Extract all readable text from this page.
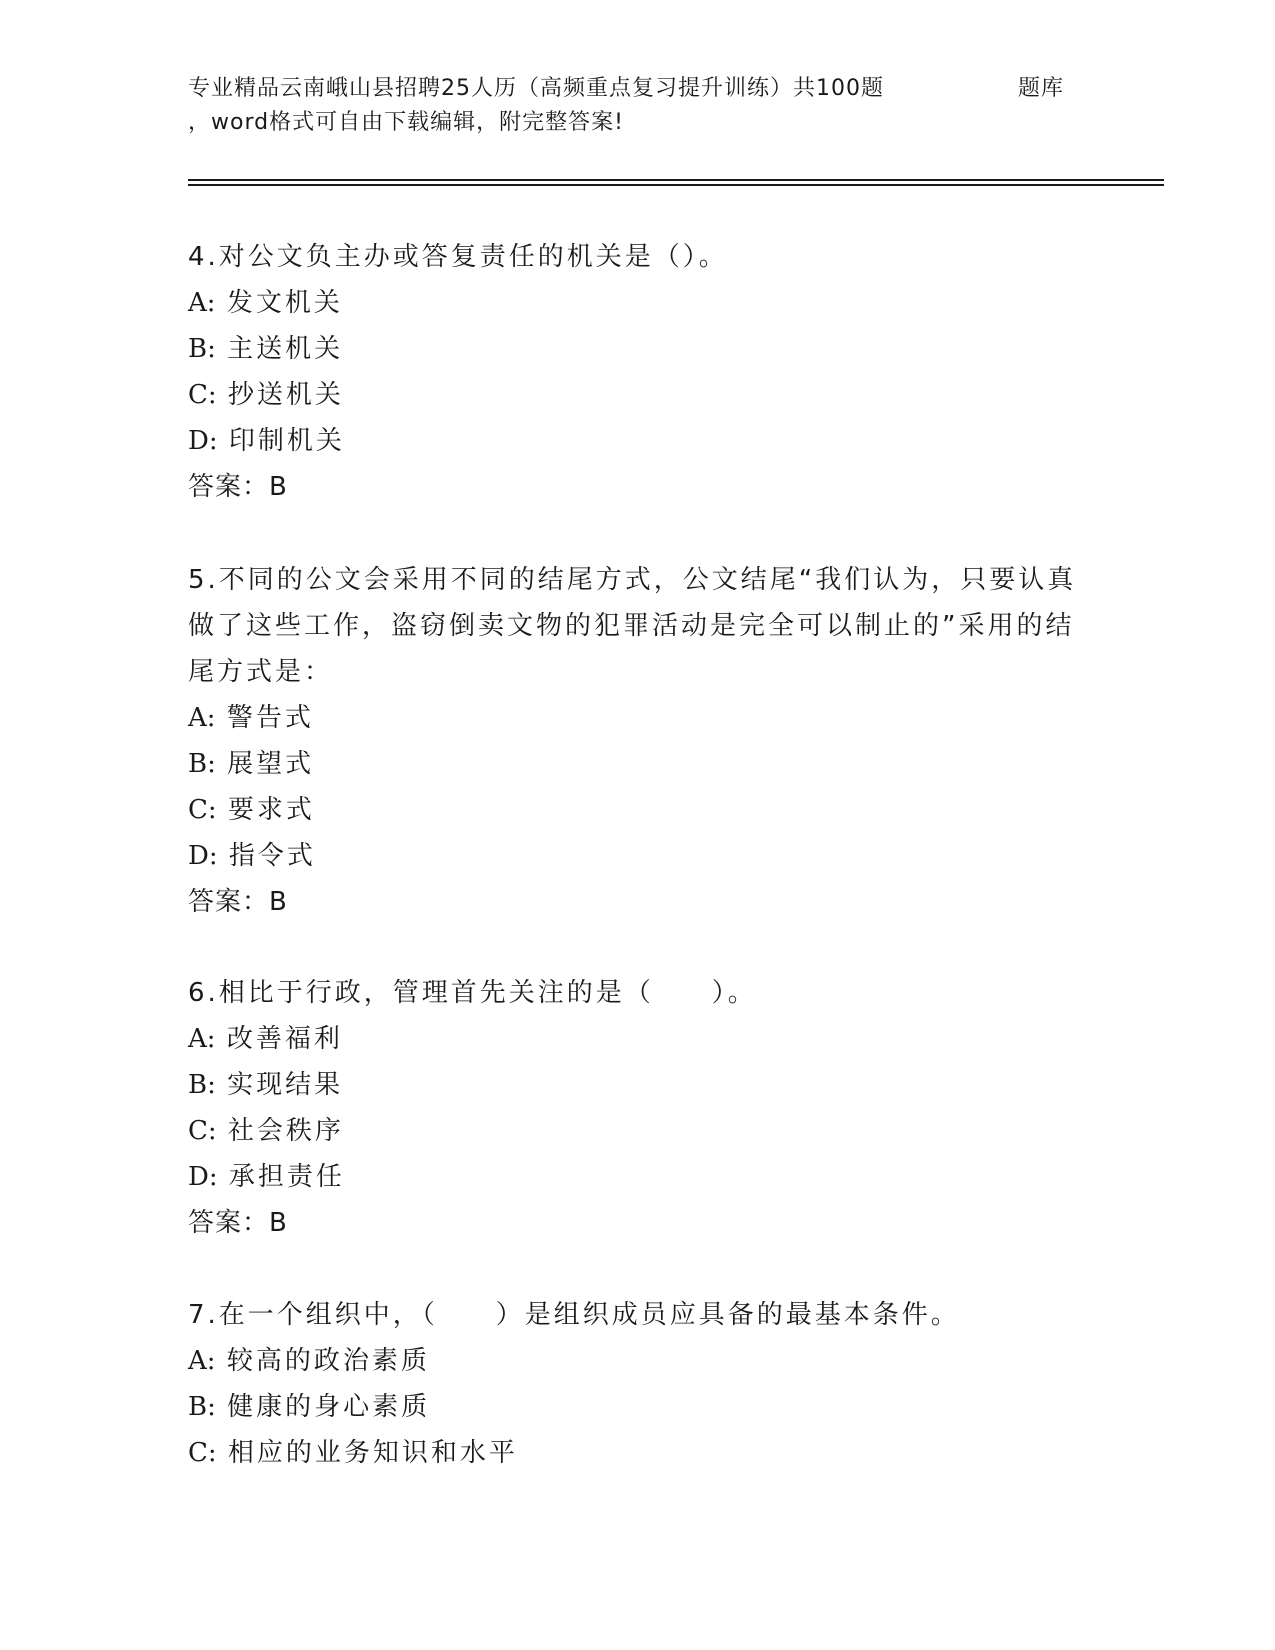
专业精品云南峨山县招聘25人历（高频重点复习提升训练）共100题	题库
，word格式可自由下载编辑，附完整答案!

4.对公文负主办或答复责任的机关是（）。

A: 发文机关

B: 主送机关

C: 抄送机关

D: 印制机关

答案：B

5.不同的公文会采用不同的结尾方式，公文结尾“我们认为，只要认真做了这些工作，盗窃倒卖文物的犯罪活动是完全可以制止的”采用的结尾方式是：

A: 警告式

B: 展望式

C: 要求式

D: 指令式

答案：B

6.相比于行政，管理首先关注的是（　　）。

A: 改善福利

B: 实现结果

C: 社会秩序

D: 承担责任

答案：B

7.在一个组织中，（　　）是组织成员应具备的最基本条件。

A: 较高的政治素质

B: 健康的身心素质

C: 相应的业务知识和水平
